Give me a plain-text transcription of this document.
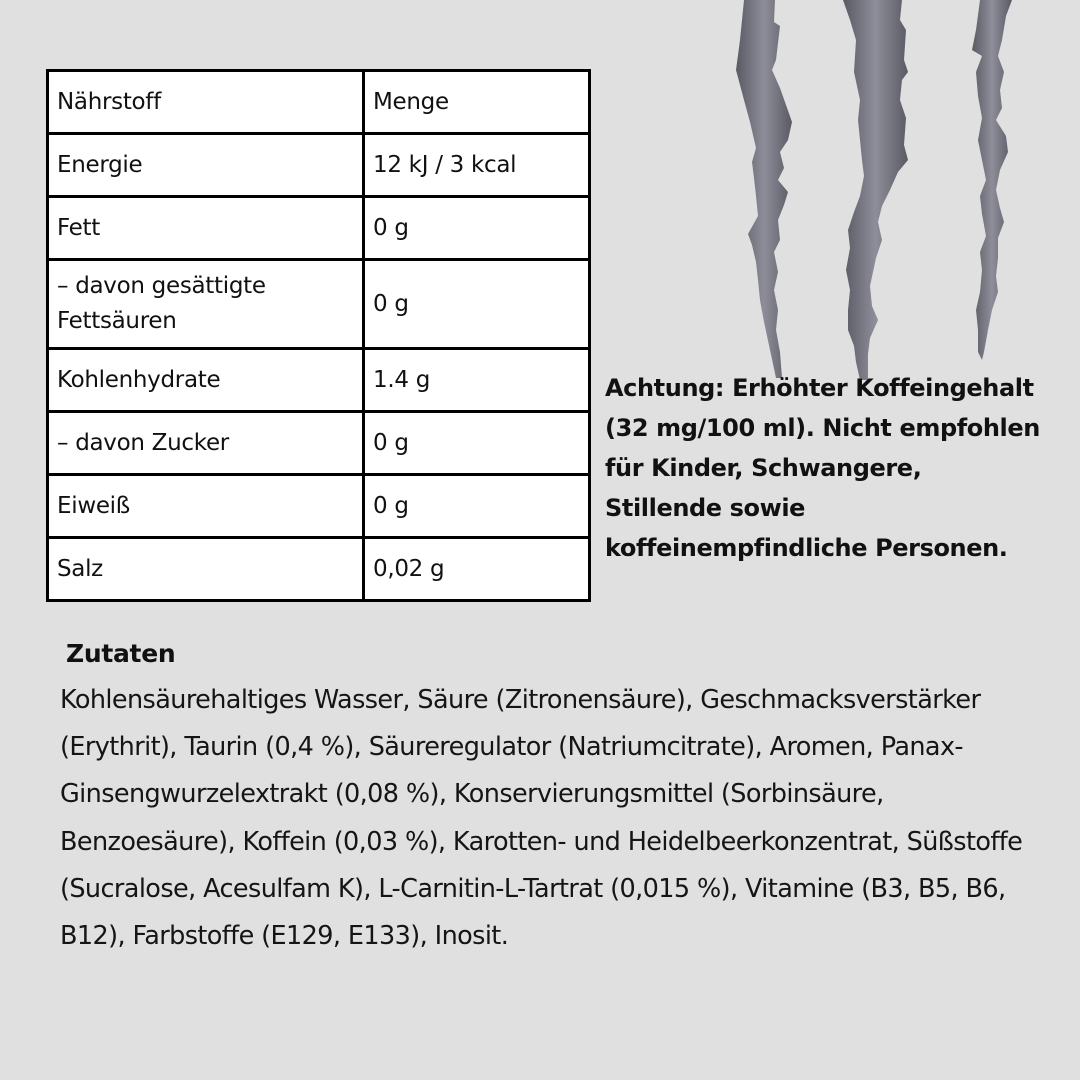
Nährstoff	Menge
Energie	12 kJ / 3 kcal
Fett	0 g
– davon gesättigte Fettsäuren	0 g
Kohlenhydrate	1.4 g
– davon Zucker	0 g
Eiweiß	0 g
Salz	0,02 g

Achtung: Erhöhter Koffeingehalt (32 mg/100 ml). Nicht empfohlen für Kinder, Schwangere, Stillende sowie koffeinempfindliche Personen.

Zutaten

Kohlensäurehaltiges Wasser, Säure (Zitronensäure), Geschmacksverstärker (Erythrit), Taurin (0,4 %), Säureregulator (Natriumcitrate), Aromen, Panax-Ginsengwurzelextrakt (0,08 %), Konservierungsmittel (Sorbinsäure, Benzoesäure), Koffein (0,03 %), Karotten- und Heidelbeerkonzentrat, Süßstoffe (Sucralose, Acesulfam K), L-Carnitin-L-Tartrat (0,015 %), Vitamine (B3, B5, B6, B12), Farbstoffe (E129, E133), Inosit.
